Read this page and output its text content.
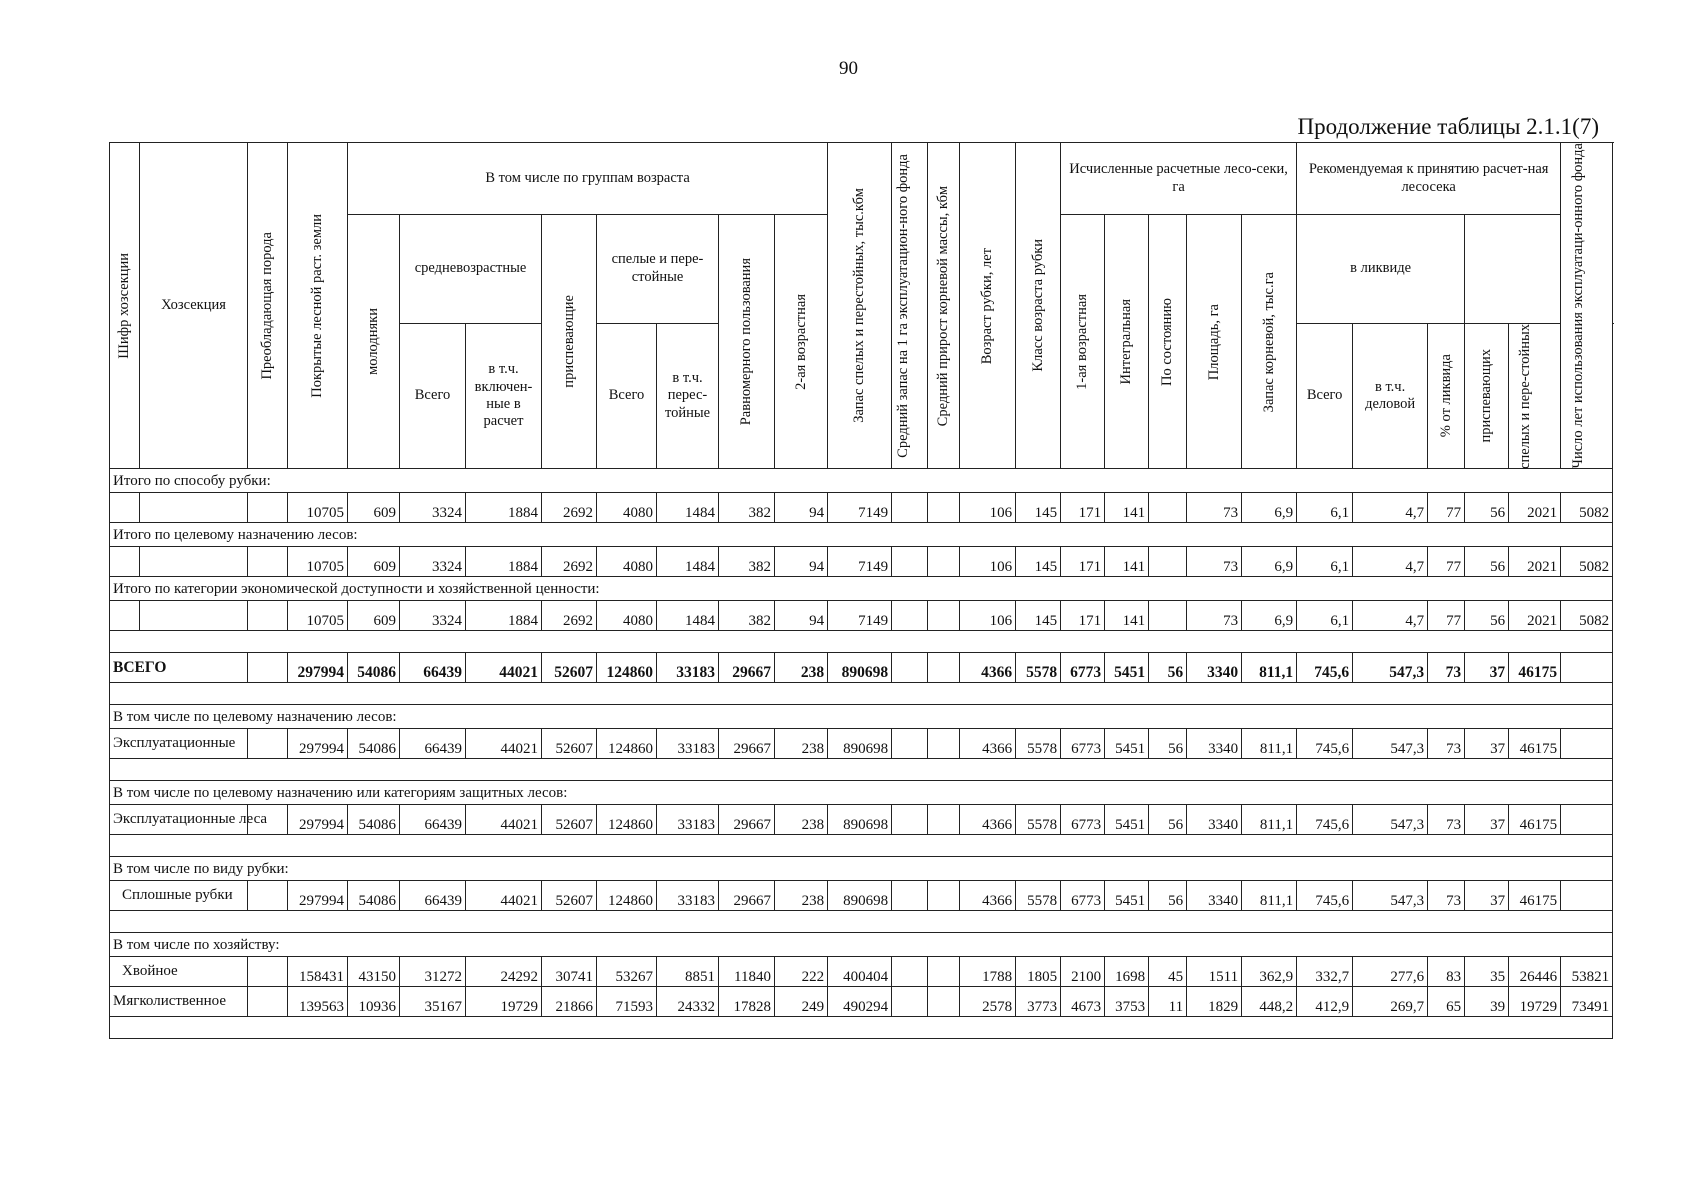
90
Продолжение таблицы 2.1.1(7)
Шифр хозсекции	Хозсекция	Преобладающая порода	Покрытые лесной раст. земли	В том числе по группам возраста								Запас спелых и перестойных, тыс.кбм	Средний запас на 1 га эксплуатацион-ного фонда	Средний прирост корневой массы, кбм	Возраст рубки, лет	Класс возраста рубки	Исчисленные расчетные лесо-секи, га					Рекомендуемая к принятию расчет-ная лесосека					Число лет использования эксплуатаци-онного фонда

				молодняки	средневозрастные		приспевающие	спелые и пере-стойные		Равномерного пользования	2-ая возрастная						1-ая возрастная	Интегральная	По состоянию	Площадь, га	Запас корневой, тыс.га	в ликвиде						
					Всего	в т.ч. включен-ные в расчет		Всего	в т.ч. перес-тойные													Всего	в т.ч. деловой	% от ликвида	приспевающих	спелых и пере-стойных		

Итого по способу рубки:																												
			10705	609	3324	1884	2692	4080	1484	382	94	7149			106	145	171	141		73	6,9	6,1	4,7	77	56	2021	5082	
Итого по целевому назначению лесов:																												
			10705	609	3324	1884	2692	4080	1484	382	94	7149			106	145	171	141		73	6,9	6,1	4,7	77	56	2021	5082	
Итого по категории экономической доступности и хозяйственной ценности:																												
			10705	609	3324	1884	2692	4080	1484	382	94	7149			106	145	171	141		73	6,9	6,1	4,7	77	56	2021	5082	

ВСЕГО			297994	54086	66439	44021	52607	124860	33183	29667	238	890698			4366	5578	6773	5451	56	3340	811,1	745,6	547,3	73	37	46175		

В том числе по целевому назначению лесов:																												
Эксплуатационные			297994	54086	66439	44021	52607	124860	33183	29667	238	890698			4366	5578	6773	5451	56	3340	811,1	745,6	547,3	73	37	46175		

В том числе по целевому назначению или категориям защитных лесов:																												
Эксплуатационные леса			297994	54086	66439	44021	52607	124860	33183	29667	238	890698			4366	5578	6773	5451	56	3340	811,1	745,6	547,3	73	37	46175		

В том числе по виду рубки:																												
Сплошные рубки			297994	54086	66439	44021	52607	124860	33183	29667	238	890698			4366	5578	6773	5451	56	3340	811,1	745,6	547,3	73	37	46175		

В том числе по хозяйству:																												
Хвойное			158431	43150	31272	24292	30741	53267	8851	11840	222	400404			1788	1805	2100	1698	45	1511	362,9	332,7	277,6	83	35	26446	53821	
Мягколиственное			139563	10936	35167	19729	21866	71593	24332	17828	249	490294			2578	3773	4673	3753	11	1829	448,2	412,9	269,7	65	39	19729	73491	
